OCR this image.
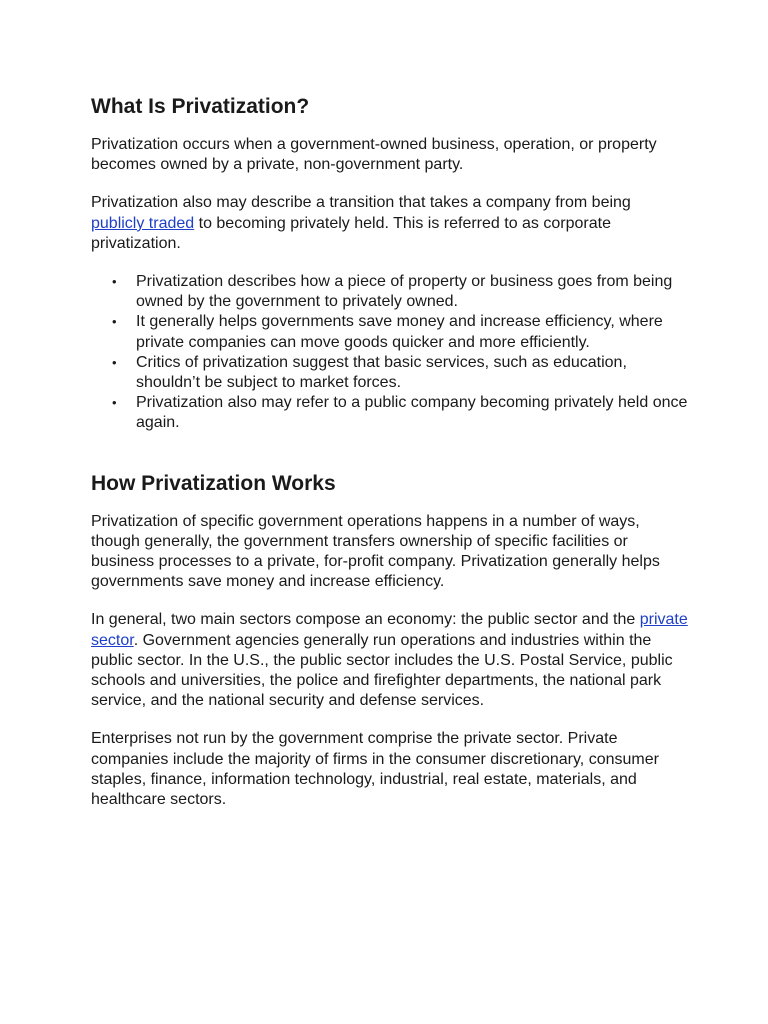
What Is Privatization?

Privatization occurs when a government-owned business, operation, or property becomes owned by a private, non-government party.

Privatization also may describe a transition that takes a company from being publicly traded to becoming privately held. This is referred to as corporate privatization.

• Privatization describes how a piece of property or business goes from being owned by the government to privately owned.
• It generally helps governments save money and increase efficiency, where private companies can move goods quicker and more efficiently.
• Critics of privatization suggest that basic services, such as education, shouldn’t be subject to market forces.
• Privatization also may refer to a public company becoming privately held once again.
How Privatization Works

Privatization of specific government operations happens in a number of ways, though generally, the government transfers ownership of specific facilities or business processes to a private, for-profit company. Privatization generally helps governments save money and increase efficiency.

In general, two main sectors compose an economy: the public sector and the private sector. Government agencies generally run operations and industries within the public sector. In the U.S., the public sector includes the U.S. Postal Service, public schools and universities, the police and firefighter departments, the national park service, and the national security and defense services.

Enterprises not run by the government comprise the private sector. Private companies include the majority of firms in the consumer discretionary, consumer staples, finance, information technology, industrial, real estate, materials, and healthcare sectors.
